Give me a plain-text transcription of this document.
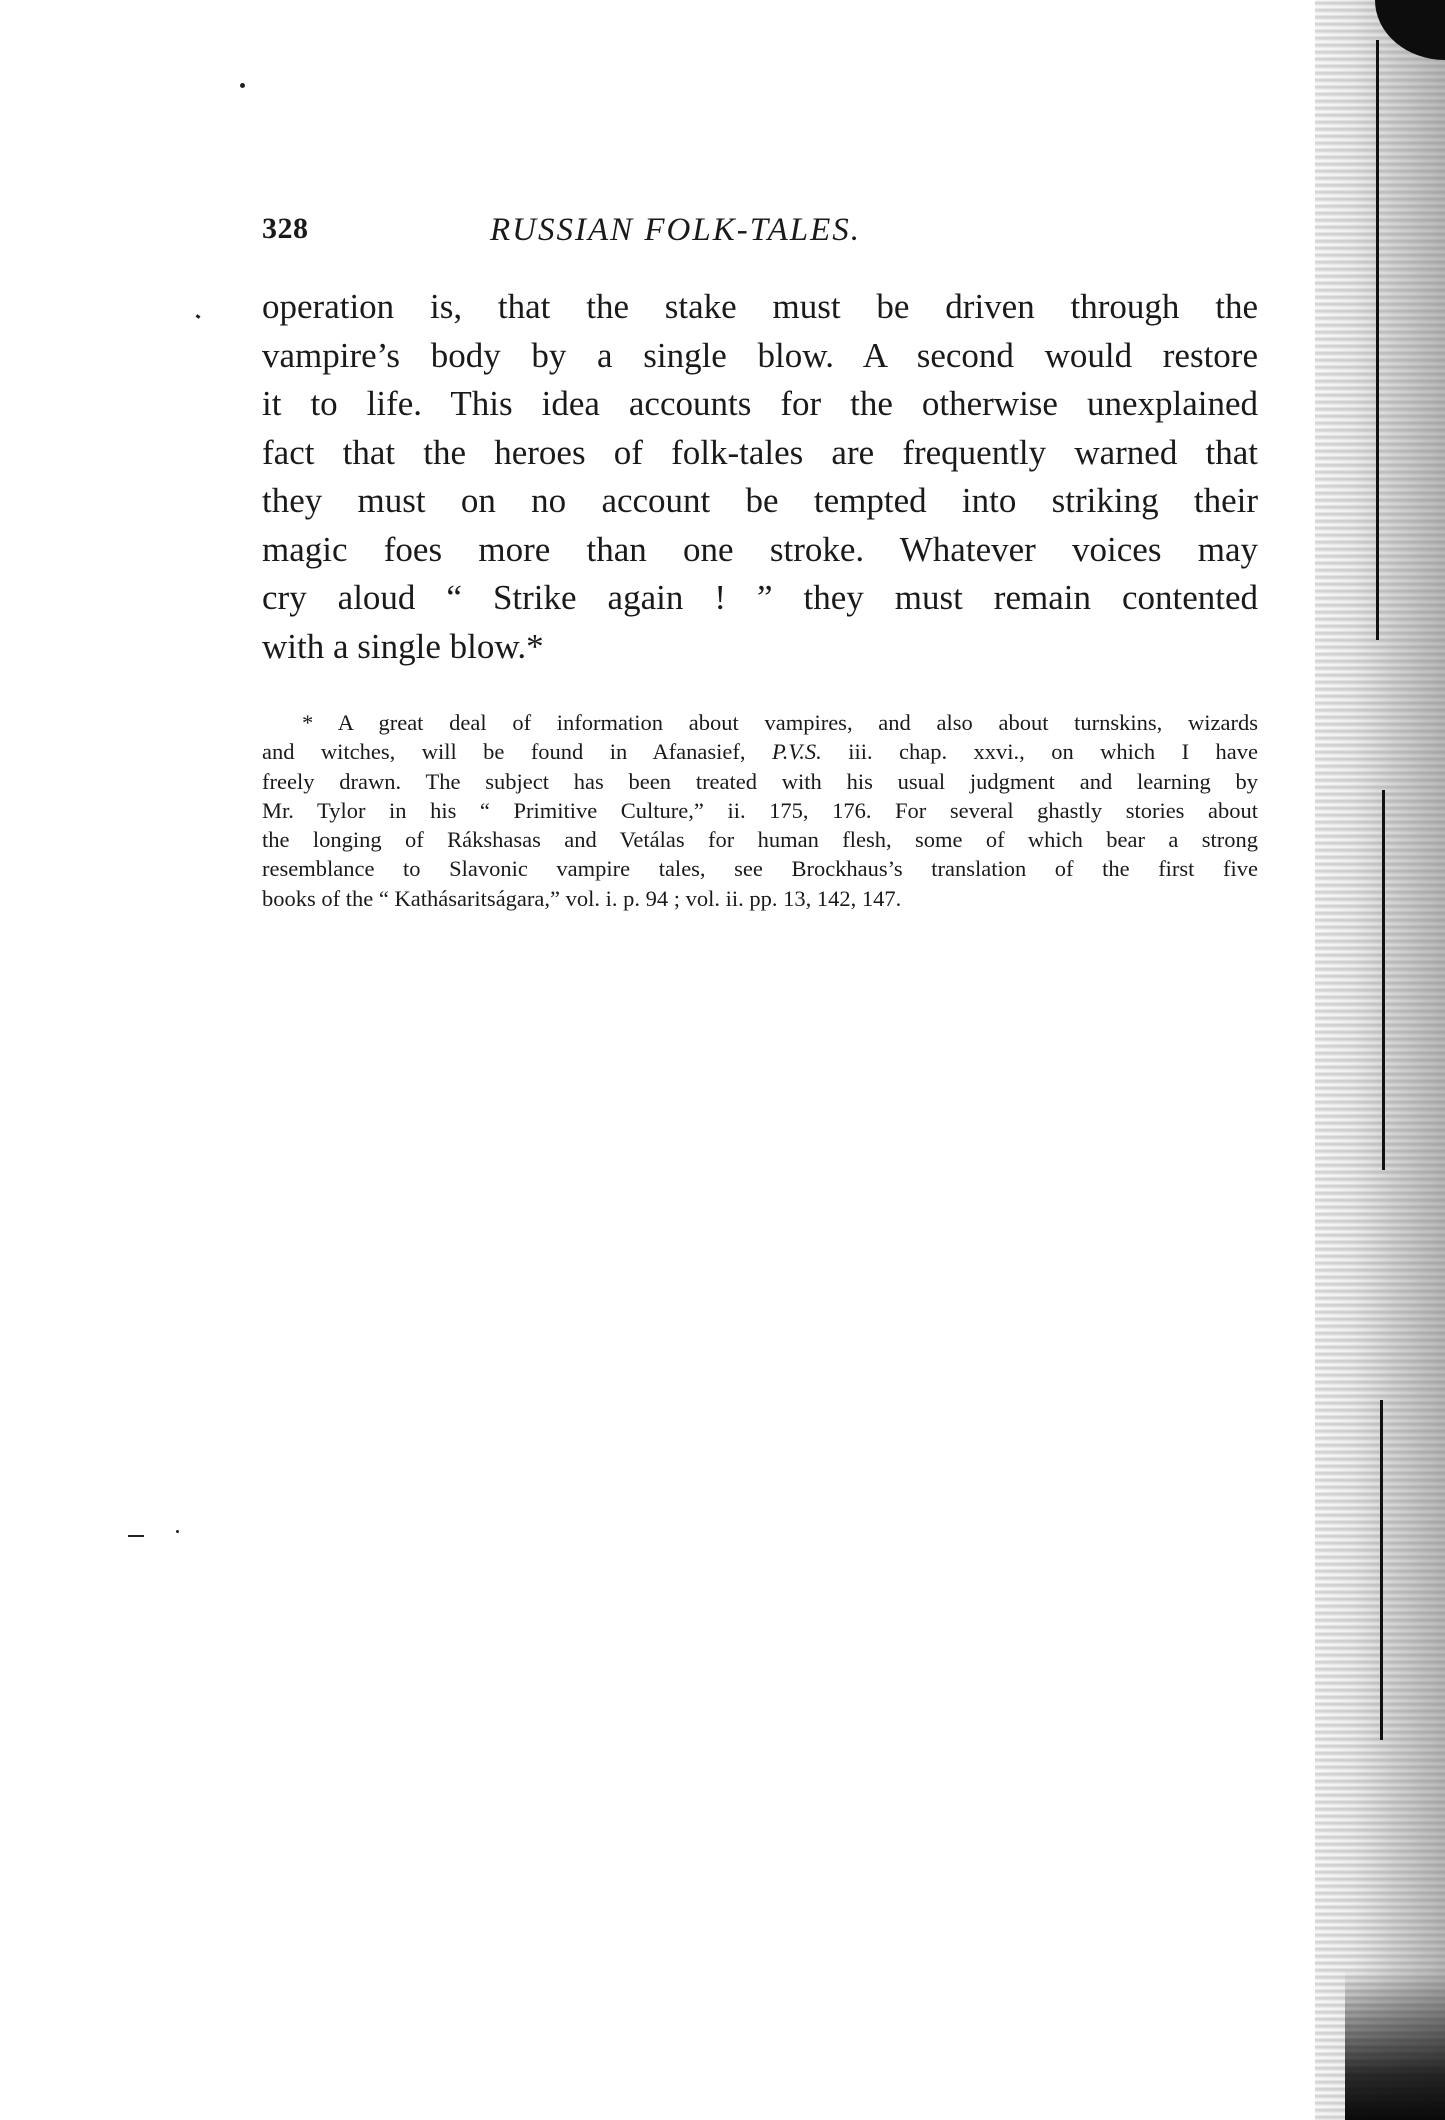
328	RUSSIAN FOLK-TALES.
operation is, that the stake must be driven through the
vampire’s body by a single blow. A second would restore
it to life. This idea accounts for the otherwise unexplained
fact that the heroes of folk-tales are frequently warned that
they must on no account be tempted into striking their
magic foes more than one stroke. Whatever voices may
cry aloud “ Strike again ! ” they must remain contented
with a single blow.*
* A great deal of information about vampires, and also about turnskins, wizards
and witches, will be found in Afanasief, P.V.S. iii. chap. xxvi., on which I have
freely drawn. The subject has been treated with his usual judgment and learning by
Mr. Tylor in his “ Primitive Culture,” ii. 175, 176. For several ghastly stories about
the longing of Rákshasas and Vetálas for human flesh, some of which bear a strong
resemblance to Slavonic vampire tales, see Brockhaus’s translation of the first five
books of the “ Kathásaritságara,” vol. i. p. 94 ; vol. ii. pp. 13, 142, 147.
